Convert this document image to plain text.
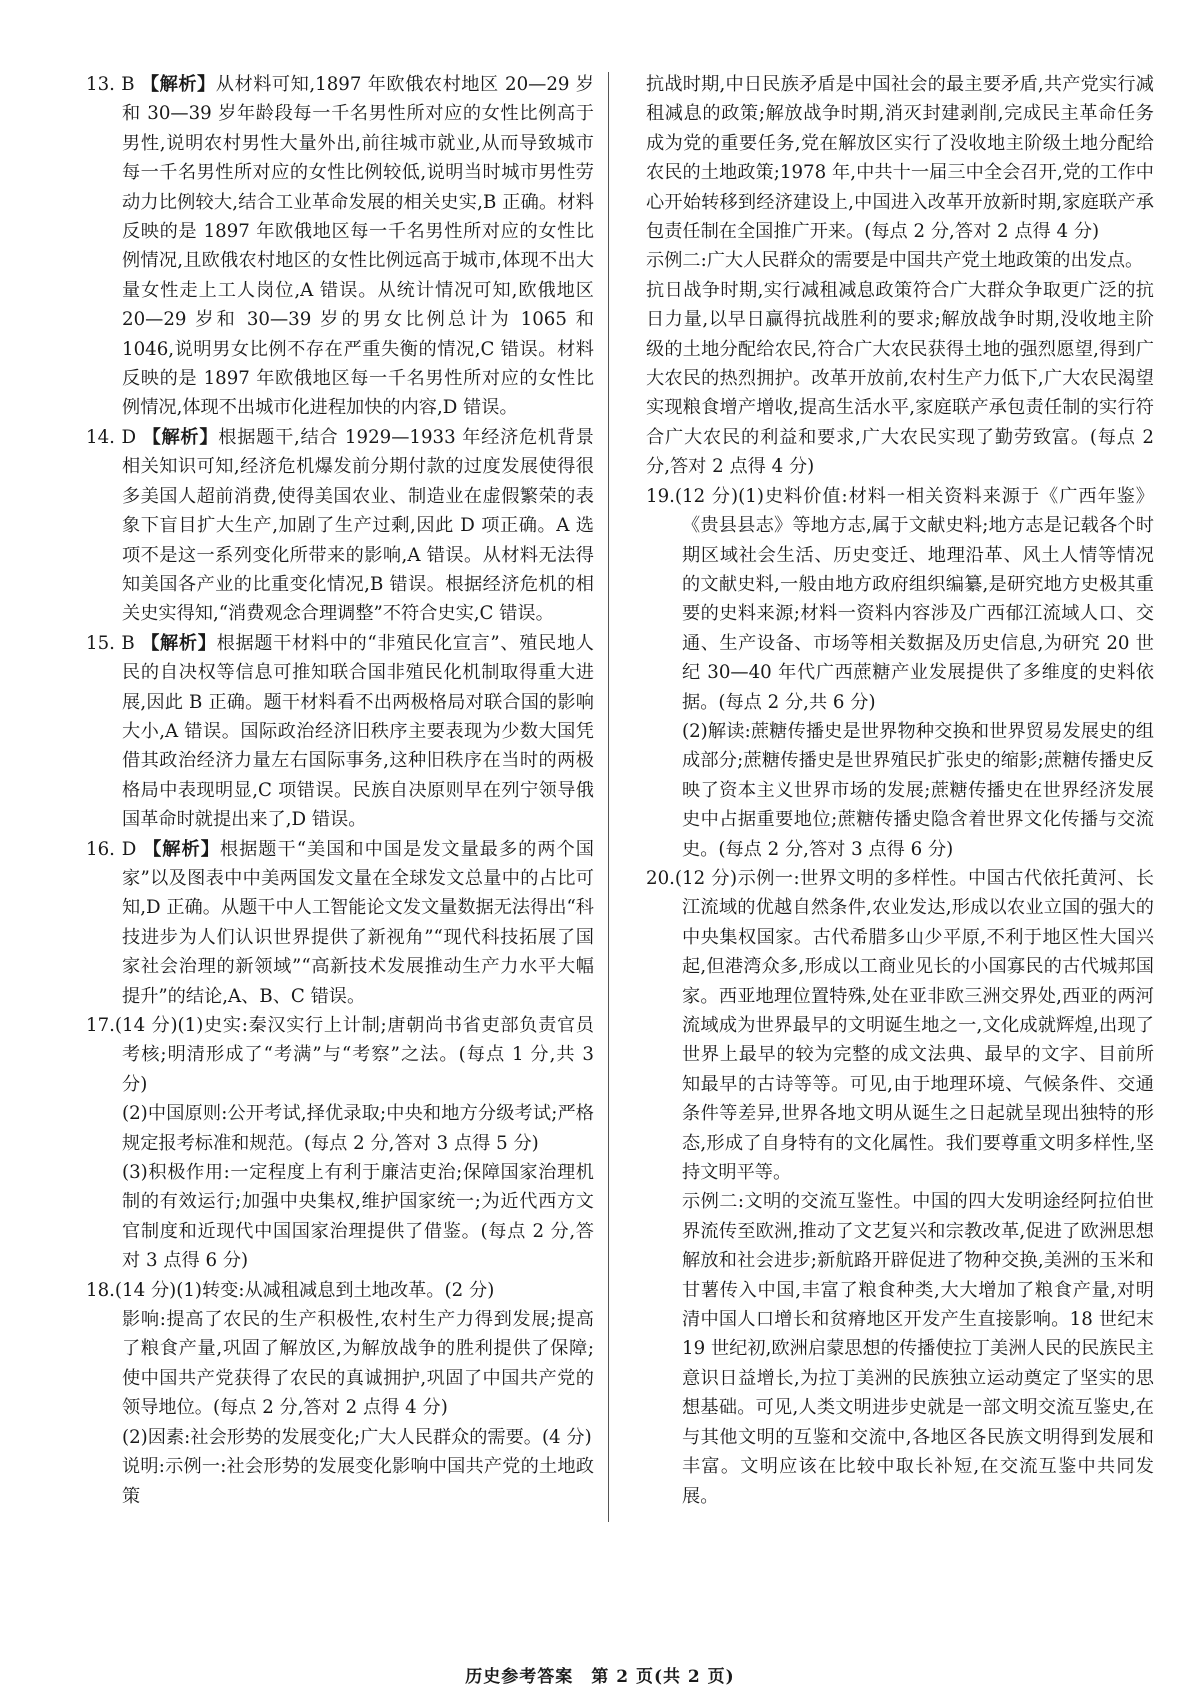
13. B 【解析】从材料可知,1897 年欧俄农村地区 20—29 岁和 30—39 岁年龄段每一千名男性所对应的女性比例高于男性,说明农村男性大量外出,前往城市就业,从而导致城市每一千名男性所对应的女性比例较低,说明当时城市男性劳动力比例较大,结合工业革命发展的相关史实,B 正确。材料反映的是 1897 年欧俄地区每一千名男性所对应的女性比例情况,且欧俄农村地区的女性比例远高于城市,体现不出大量女性走上工人岗位,A 错误。从统计情况可知,欧俄地区 20—29 岁和 30—39 岁的男女比例总计为 1065 和 1046,说明男女比例不存在严重失衡的情况,C 错误。材料反映的是 1897 年欧俄地区每一千名男性所对应的女性比例情况,体现不出城市化进程加快的内容,D 错误。
14. D 【解析】根据题干,结合 1929—1933 年经济危机背景相关知识可知,经济危机爆发前分期付款的过度发展使得很多美国人超前消费,使得美国农业、制造业在虚假繁荣的表象下盲目扩大生产,加剧了生产过剩,因此 D 项正确。A 选项不是这一系列变化所带来的影响,A 错误。从材料无法得知美国各产业的比重变化情况,B 错误。根据经济危机的相关史实得知,“消费观念合理调整”不符合史实,C 错误。
15. B 【解析】根据题干材料中的“非殖民化宣言”、殖民地人民的自决权等信息可推知联合国非殖民化机制取得重大进展,因此 B 正确。题干材料看不出两极格局对联合国的影响大小,A 错误。国际政治经济旧秩序主要表现为少数大国凭借其政治经济力量左右国际事务,这种旧秩序在当时的两极格局中表现明显,C 项错误。民族自决原则早在列宁领导俄国革命时就提出来了,D 错误。
16. D 【解析】根据题干“美国和中国是发文量最多的两个国家”以及图表中中美两国发文量在全球发文总量中的占比可知,D 正确。从题干中人工智能论文发文量数据无法得出“科技进步为人们认识世界提供了新视角”“现代科技拓展了国家社会治理的新领域”“高新技术发展推动生产力水平大幅提升”的结论,A、B、C 错误。
17.(14 分)(1)史实:秦汉实行上计制;唐朝尚书省吏部负责官员考核;明清形成了“考满”与“考察”之法。(每点 1 分,共 3 分)
(2)中国原则:公开考试,择优录取;中央和地方分级考试;严格规定报考标准和规范。(每点 2 分,答对 3 点得 5 分)
(3)积极作用:一定程度上有利于廉洁吏治;保障国家治理机制的有效运行;加强中央集权,维护国家统一;为近代西方文官制度和近现代中国国家治理提供了借鉴。(每点 2 分,答对 3 点得 6 分)
18.(14 分)(1)转变:从减租减息到土地改革。(2 分)
影响:提高了农民的生产积极性,农村生产力得到发展;提高了粮食产量,巩固了解放区,为解放战争的胜利提供了保障;使中国共产党获得了农民的真诚拥护,巩固了中国共产党的领导地位。(每点 2 分,答对 2 点得 4 分)
(2)因素:社会形势的发展变化;广大人民群众的需要。(4 分)
说明:示例一:社会形势的发展变化影响中国共产党的土地政策
抗战时期,中日民族矛盾是中国社会的最主要矛盾,共产党实行减租减息的政策;解放战争时期,消灭封建剥削,完成民主革命任务成为党的重要任务,党在解放区实行了没收地主阶级土地分配给农民的土地政策;1978 年,中共十一届三中全会召开,党的工作中心开始转移到经济建设上,中国进入改革开放新时期,家庭联产承包责任制在全国推广开来。(每点 2 分,答对 2 点得 4 分)
示例二:广大人民群众的需要是中国共产党土地政策的出发点。
抗日战争时期,实行减租减息政策符合广大群众争取更广泛的抗日力量,以早日赢得抗战胜利的要求;解放战争时期,没收地主阶级的土地分配给农民,符合广大农民获得土地的强烈愿望,得到广大农民的热烈拥护。改革开放前,农村生产力低下,广大农民渴望实现粮食增产增收,提高生活水平,家庭联产承包责任制的实行符合广大农民的利益和要求,广大农民实现了勤劳致富。(每点 2 分,答对 2 点得 4 分)
19.(12 分)(1)史料价值:材料一相关资料来源于《广西年鉴》《贵县县志》等地方志,属于文献史料;地方志是记载各个时期区域社会生活、历史变迁、地理沿革、风土人情等情况的文献史料,一般由地方政府组织编纂,是研究地方史极其重要的史料来源;材料一资料内容涉及广西郁江流域人口、交通、生产设备、市场等相关数据及历史信息,为研究 20 世纪 30—40 年代广西蔗糖产业发展提供了多维度的史料依据。(每点 2 分,共 6 分)
(2)解读:蔗糖传播史是世界物种交换和世界贸易发展史的组成部分;蔗糖传播史是世界殖民扩张史的缩影;蔗糖传播史反映了资本主义世界市场的发展;蔗糖传播史在世界经济发展史中占据重要地位;蔗糖传播史隐含着世界文化传播与交流史。(每点 2 分,答对 3 点得 6 分)
20.(12 分)示例一:世界文明的多样性。中国古代依托黄河、长江流域的优越自然条件,农业发达,形成以农业立国的强大的中央集权国家。古代希腊多山少平原,不利于地区性大国兴起,但港湾众多,形成以工商业见长的小国寡民的古代城邦国家。西亚地理位置特殊,处在亚非欧三洲交界处,西亚的两河流域成为世界最早的文明诞生地之一,文化成就辉煌,出现了世界上最早的较为完整的成文法典、最早的文字、目前所知最早的古诗等等。可见,由于地理环境、气候条件、交通条件等差异,世界各地文明从诞生之日起就呈现出独特的形态,形成了自身特有的文化属性。我们要尊重文明多样性,坚持文明平等。
示例二:文明的交流互鉴性。中国的四大发明途经阿拉伯世界流传至欧洲,推动了文艺复兴和宗教改革,促进了欧洲思想解放和社会进步;新航路开辟促进了物种交换,美洲的玉米和甘薯传入中国,丰富了粮食种类,大大增加了粮食产量,对明清中国人口增长和贫瘠地区开发产生直接影响。18 世纪末 19 世纪初,欧洲启蒙思想的传播使拉丁美洲人民的民族民主意识日益增长,为拉丁美洲的民族独立运动奠定了坚实的思想基础。可见,人类文明进步史就是一部文明交流互鉴史,在与其他文明的互鉴和交流中,各地区各民族文明得到发展和丰富。文明应该在比较中取长补短,在交流互鉴中共同发展。
历史参考答案　第 2 页(共 2 页)
